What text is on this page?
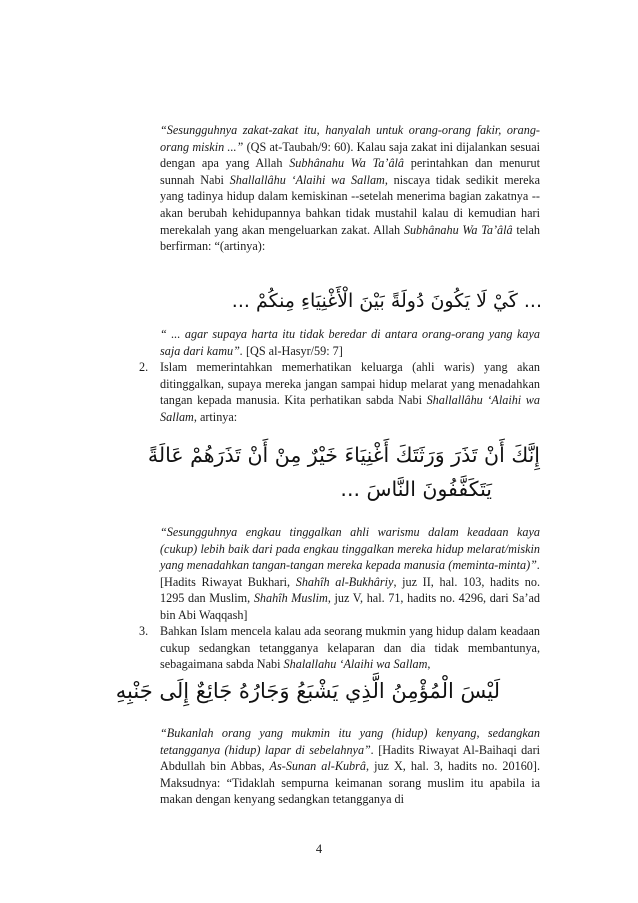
“Sesungguhnya zakat-zakat itu, hanyalah untuk orang-orang fakir, orang-orang miskin ...” (QS at-Taubah/9: 60). Kalau saja zakat ini dijalankan sesuai dengan apa yang Allah Subhânahu Wa Ta’âlâ perintahkan dan menurut sunnah Nabi Shallallâhu ‘Alaihi wa Sallam, niscaya tidak sedikit mereka yang tadinya hidup dalam kemiskinan --setelah menerima bagian zakatnya -- akan berubah kehidupannya bahkan tidak mustahil kalau di kemudian hari merekalah yang akan mengeluarkan zakat. Allah Subhânahu Wa Ta’âlâ telah berfirman: “(artinya):

... كَيْ لَا يَكُونَ دُولَةً بَيْنَ الْأَغْنِيَاءِ مِنكُمْ ...

“ ... agar supaya harta itu tidak beredar di antara orang-orang yang kaya saja dari kamu”. [QS al-Hasyr/59: 7]

2. Islam memerintahkan memerhatikan keluarga (ahli waris) yang akan ditinggalkan, supaya mereka jangan sampai hidup melarat yang menadahkan tangan kepada manusia. Kita perhatikan sabda Nabi Shallallâhu ‘Alaihi wa Sallam, artinya:

إِنَّكَ أَنْ تَذَرَ وَرَثَتَكَ أَغْنِيَاءَ خَيْرٌ مِنْ أَنْ تَذَرَهُمْ عَالَةً
يَتَكَفَّفُونَ النَّاسَ ...

“Sesungguhnya engkau tinggalkan ahli warismu dalam keadaan kaya (cukup) lebih baik dari pada engkau tinggalkan mereka hidup melarat/miskin yang menadahkan tangan-tangan mereka kepada manusia (meminta-minta)”. [Hadits Riwayat Bukhari, Shahîh al-Bukhâriy, juz II, hal. 103, hadits no. 1295 dan Muslim, Shahîh Muslim, juz V, hal. 71, hadits no. 4296, dari Sa’ad bin Abi Waqqash]

3. Bahkan Islam mencela kalau ada seorang mukmin yang hidup dalam keadaan cukup sedangkan tetangganya kelaparan dan dia tidak membantunya, sebagaimana sabda Nabi Shalallahu ‘Alaihi wa Sallam,

لَيْسَ الْمُؤْمِنُ الَّذِي يَشْبَعُ وَجَارُهُ جَائِعٌ إِلَى جَنْبِهِ

“Bukanlah orang yang mukmin itu yang (hidup) kenyang, sedangkan tetangganya (hidup) lapar di sebelahnya”. [Hadits Riwayat Al-Baihaqi dari Abdullah bin Abbas, As-Sunan al-Kubrâ, juz X, hal. 3, hadits no. 20160]. Maksudnya: “Tidaklah sempurna keimanan sorang muslim itu apabila ia makan dengan kenyang sedangkan tetangganya di

4
